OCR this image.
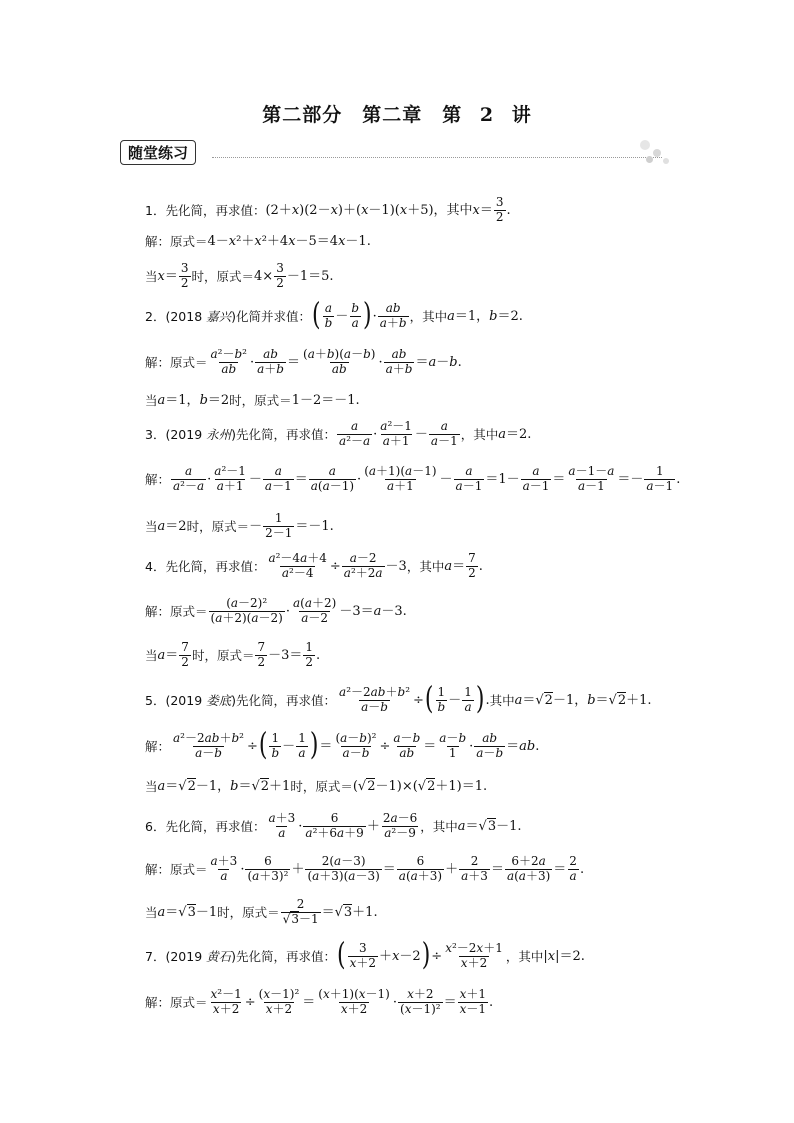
第二部分　第二章　第 2 讲
随堂练习
1．先化简，再求值： (2＋ x )(2－ x )＋( x －1)( x ＋5)，其中 $x = \frac{3}{2}$ .
解：原式＝ 4－ x ²＋ x ²＋4 x －5＝4 x －1.
当 $x = \frac{3}{2}$ 时，原式＝ $4\times \frac{3}{2} -1=5$.
2．(2018 嘉兴)化简并求值： ( $\frac{a}{b} - \frac{b}{a}$ ) · $\frac{ab}{a+b}$ ，其中 a ＝1， b ＝2.
解：原式＝ $\frac{\text{a²－b²}}{ab} \cdot \frac{ab}{a+b} = \frac{(a+b)(a-b)}{ab} \cdot \frac{ab}{a+b} = a - b$ .
当 a ＝1， b ＝2 时，原式＝ 1－2＝－1.
3．(2019 永州)先化简，再求值： $\frac{a}{\text{a²－a}} \cdot \frac{\text{a²－1}}{a+1} - \frac{a}{a-1}$ ，其中 a ＝2.
解： $\frac{a}{\text{a²－a}} \cdot \frac{\text{a²－1}}{a+1} - \frac{a}{a-1} = \frac{a}{a(a-1)} \cdot \frac{(a+1)(a-1)}{a+1} - \frac{a}{a-1} =1- \frac{a}{a-1} = \frac{a-1-a}{a-1} =- \frac{1}{a-1}$ .
当 a ＝2 时，原式＝ － $\frac{1}{2-1} =-1$.
4．先化简，再求值： $\frac{\text{a²－4a＋4}}{\text{a²－4}} \div \frac{a-2}{\text{a²＋2a}} -3$ ，其中 $a = \frac{7}{2}$ .
解：原式＝ $\frac{\text{(a－2)²}}{(a+2)(a-2)} \cdot \frac{a(a+2)}{a-2} -3= a -3$.
当 $a = \frac{7}{2}$ 时，原式＝ $\frac{7}{2} -3= \frac{1}{2}$ .
5．(2019 娄底)先化简，再求值： $\frac{\text{a²－2ab＋b²}}{a-b}$ ÷ ( $\frac{1}{b} - \frac{1}{a}$ ) . 其中 a ＝√ 2 －1， b ＝√ 2 ＋1.
解： $\frac{\text{a²－2ab＋b²}}{a-b}$ ÷ ( $\frac{1}{b} - \frac{1}{a}$ ) ＝ $\frac{\text{(a－b)²}}{a-b} \div \frac{a-b}{ab} = \frac{a-b}{1} \cdot \frac{ab}{a-b}$ ＝ ab .
当 a ＝√ 2 －1， b ＝√ 2 ＋1 时，原式＝ (√ 2 －1)×(√ 2 ＋1)＝1.
6．先化简，再求值： $\frac{a+3}{a} \cdot \frac{6}{\text{a²＋6a＋9}} + \frac{2a-6}{\text{a²－9}}$ ，其中 a ＝√ 3 －1.
解：原式＝ $\frac{a+3}{a} \cdot \frac{6}{\text{(a＋3)²}} + \frac{2(a-3)}{(a+3)(a-3)} = \frac{6}{a(a+3)} + \frac{2}{a+3} = \frac{6+2a}{a(a+3)} = \frac{2}{a}$ .
当 a ＝√ 3 －1 时，原式＝ $\frac{2}{√3-1}$ ＝√ 3 ＋1.
7．(2019 黄石)先化简，再求值： ( $\frac{3}{x+2} + x -2$ ) ÷ $\frac{\text{x²－2x＋1}}{x+2}$ ，其中 | x |＝2.
解：原式＝ $\frac{\text{x²－1}}{x+2} \div \frac{\text{(x－1)²}}{x+2} = \frac{(x+1)(x-1)}{x+2} \cdot \frac{x+2}{\text{(x－1)²}} = \frac{x+1}{x-1}$ .
